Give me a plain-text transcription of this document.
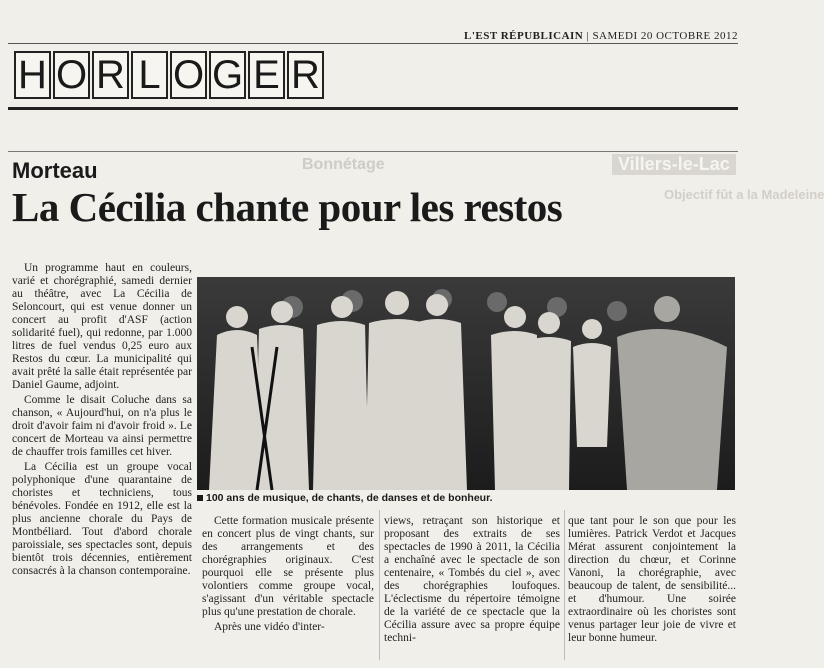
L'EST RÉPUBLICAIN | SAMEDI 20 OCTOBRE 2012
H O R L O G E R
Bonnétage	Villers-le-Lac
Objectif fût a la Madeleine
Morteau
La Cécilia chante pour les restos

Un programme haut en couleurs, varié et chorégraphié, samedi dernier au théâtre, avec La Cécilia de Seloncourt, qui est venue donner un concert au profit d'ASF (action solidarité fuel), qui redonne, par 1.000 litres de fuel vendus 0,25 euro aux Restos du cœur. La municipalité qui avait prêté la salle était représentée par Daniel Gaume, adjoint.

Comme le disait Coluche dans sa chanson, « Aujourd'hui, on n'a plus le droit d'avoir faim ni d'avoir froid ». Le concert de Morteau va ainsi permettre de chauffer trois familles cet hiver.

La Cécilia est un groupe vocal polyphonique d'une quarantaine de choristes et techniciens, tous bénévoles. Fondée en 1912, elle est la plus ancienne chorale du Pays de Montbéliard. Tout d'abord chorale paroissiale, ses spectacles sont, depuis bientôt trois décennies, entièrement consacrés à la chanson contemporaine.

100 ans de musique, de chants, de danses et de bonheur.

Cette formation musicale présente en concert plus de vingt chants, sur des arrangements et des chorégraphies originaux. C'est pourquoi elle se présente plus volontiers comme groupe vocal, s'agissant d'un véritable spectacle plus qu'une prestation de chorale.

Après une vidéo d'inter-

views, retraçant son historique et proposant des extraits de ses spectacles de 1990 à 2011, la Cécilia a enchaîné avec le spectacle de son centenaire, « Tombés du ciel », avec des chorégraphies loufoques. L'éclectisme du répertoire témoigne de la variété de ce spectacle que la Cécilia assure avec sa propre équipe techni-

que tant pour le son que pour les lumières. Patrick Verdot et Jacques Mérat assurent conjointement la direction du chœur, et Corinne Vanoni, la chorégraphie, avec beaucoup de talent, de sensibilité... et d'humour. Une soirée extraordinaire où les choristes sont venus partager leur joie de vivre et leur bonne humeur.
